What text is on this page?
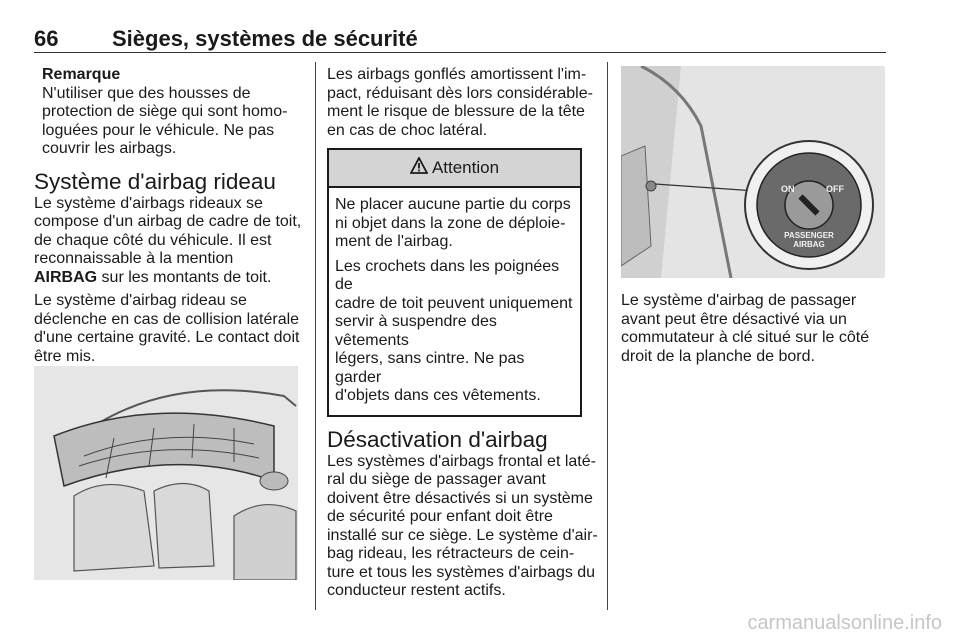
66 Sièges, systèmes de sécurité

Remarque

N'utiliser que des housses de

protection de siège qui sont homo-

loguées pour le véhicule. Ne pas

couvrir les airbags.

Système d'airbag rideau

Le système d'airbags rideaux se

compose d'un airbag de cadre de toit,

de chaque côté du véhicule. Il est

reconnaissable à la mention

AIRBAG sur les montants de toit.

Le système d'airbag rideau se

déclenche en cas de collision latérale

d'une certaine gravité. Le contact doit

être mis.

Les airbags gonflés amortissent l'im-

pact, réduisant dès lors considérable-

ment le risque de blessure de la tête

en cas de choc latéral.

Attention

Ne placer aucune partie du corps

ni objet dans la zone de déploie-

ment de l'airbag.

Les crochets dans les poignées de

cadre de toit peuvent uniquement

servir à suspendre des vêtements

légers, sans cintre. Ne pas garder

d'objets dans ces vêtements.

Désactivation d'airbag

Les systèmes d'airbags frontal et laté-

ral du siège de passager avant

doivent être désactivés si un système

de sécurité pour enfant doit être

installé sur ce siège. Le système d'air-

bag rideau, les rétracteurs de cein-

ture et tous les systèmes d'airbags du

conducteur restent actifs.

ON	OFF
PASSENGER
AIRBAG

Le système d'airbag de passager

avant peut être désactivé via un

commutateur à clé situé sur le côté

droit de la planche de bord.

carmanualsonline.info
